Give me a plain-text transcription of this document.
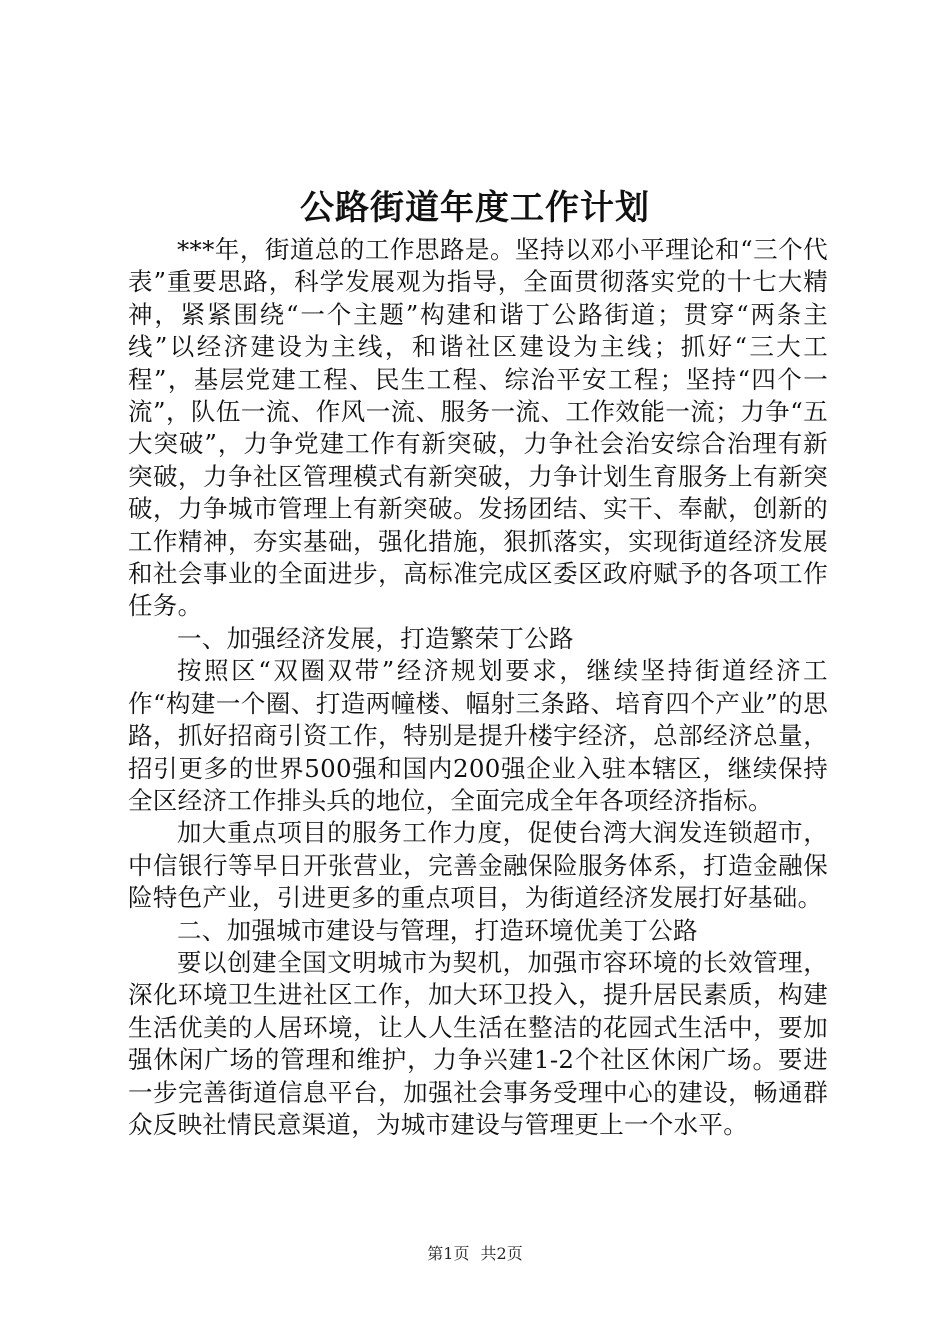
公路街道年度工作计划

***年，街道总的工作思路是。坚持以邓小平理论和“三个代表”重要思路，科学发展观为指导，全面贯彻落实党的十七大精神，紧紧围绕“一个主题”构建和谐丁公路街道；贯穿“两条主线”以经济建设为主线，和谐社区建设为主线；抓好“三大工程”，基层党建工程、民生工程、综治平安工程；坚持“四个一流”，队伍一流、作风一流、服务一流、工作效能一流；力争“五大突破”，力争党建工作有新突破，力争社会治安综合治理有新突破，力争社区管理模式有新突破，力争计划生育服务上有新突破，力争城市管理上有新突破。发扬团结、实干、奉献，创新的工作精神，夯实基础，强化措施，狠抓落实，实现街道经济发展和社会事业的全面进步，高标准完成区委区政府赋予的各项工作任务。

一、加强经济发展，打造繁荣丁公路

按照区“双圈双带”经济规划要求，继续坚持街道经济工作“构建一个圈、打造两幢楼、幅射三条路、培育四个产业”的思路，抓好招商引资工作，特别是提升楼宇经济，总部经济总量，招引更多的世界500强和国内200强企业入驻本辖区，继续保持全区经济工作排头兵的地位，全面完成全年各项经济指标。

加大重点项目的服务工作力度，促使台湾大润发连锁超市，中信银行等早日开张营业，完善金融保险服务体系，打造金融保险特色产业，引进更多的重点项目，为街道经济发展打好基础。

二、加强城市建设与管理，打造环境优美丁公路

要以创建全国文明城市为契机，加强市容环境的长效管理，深化环境卫生进社区工作，加大环卫投入，提升居民素质，构建生活优美的人居环境，让人人生活在整洁的花园式生活中，要加强休闲广场的管理和维护，力争兴建1-2个社区休闲广场。要进一步完善街道信息平台，加强社会事务受理中心的建设，畅通群众反映社情民意渠道，为城市建设与管理更上一个水平。

第1页 共2页
